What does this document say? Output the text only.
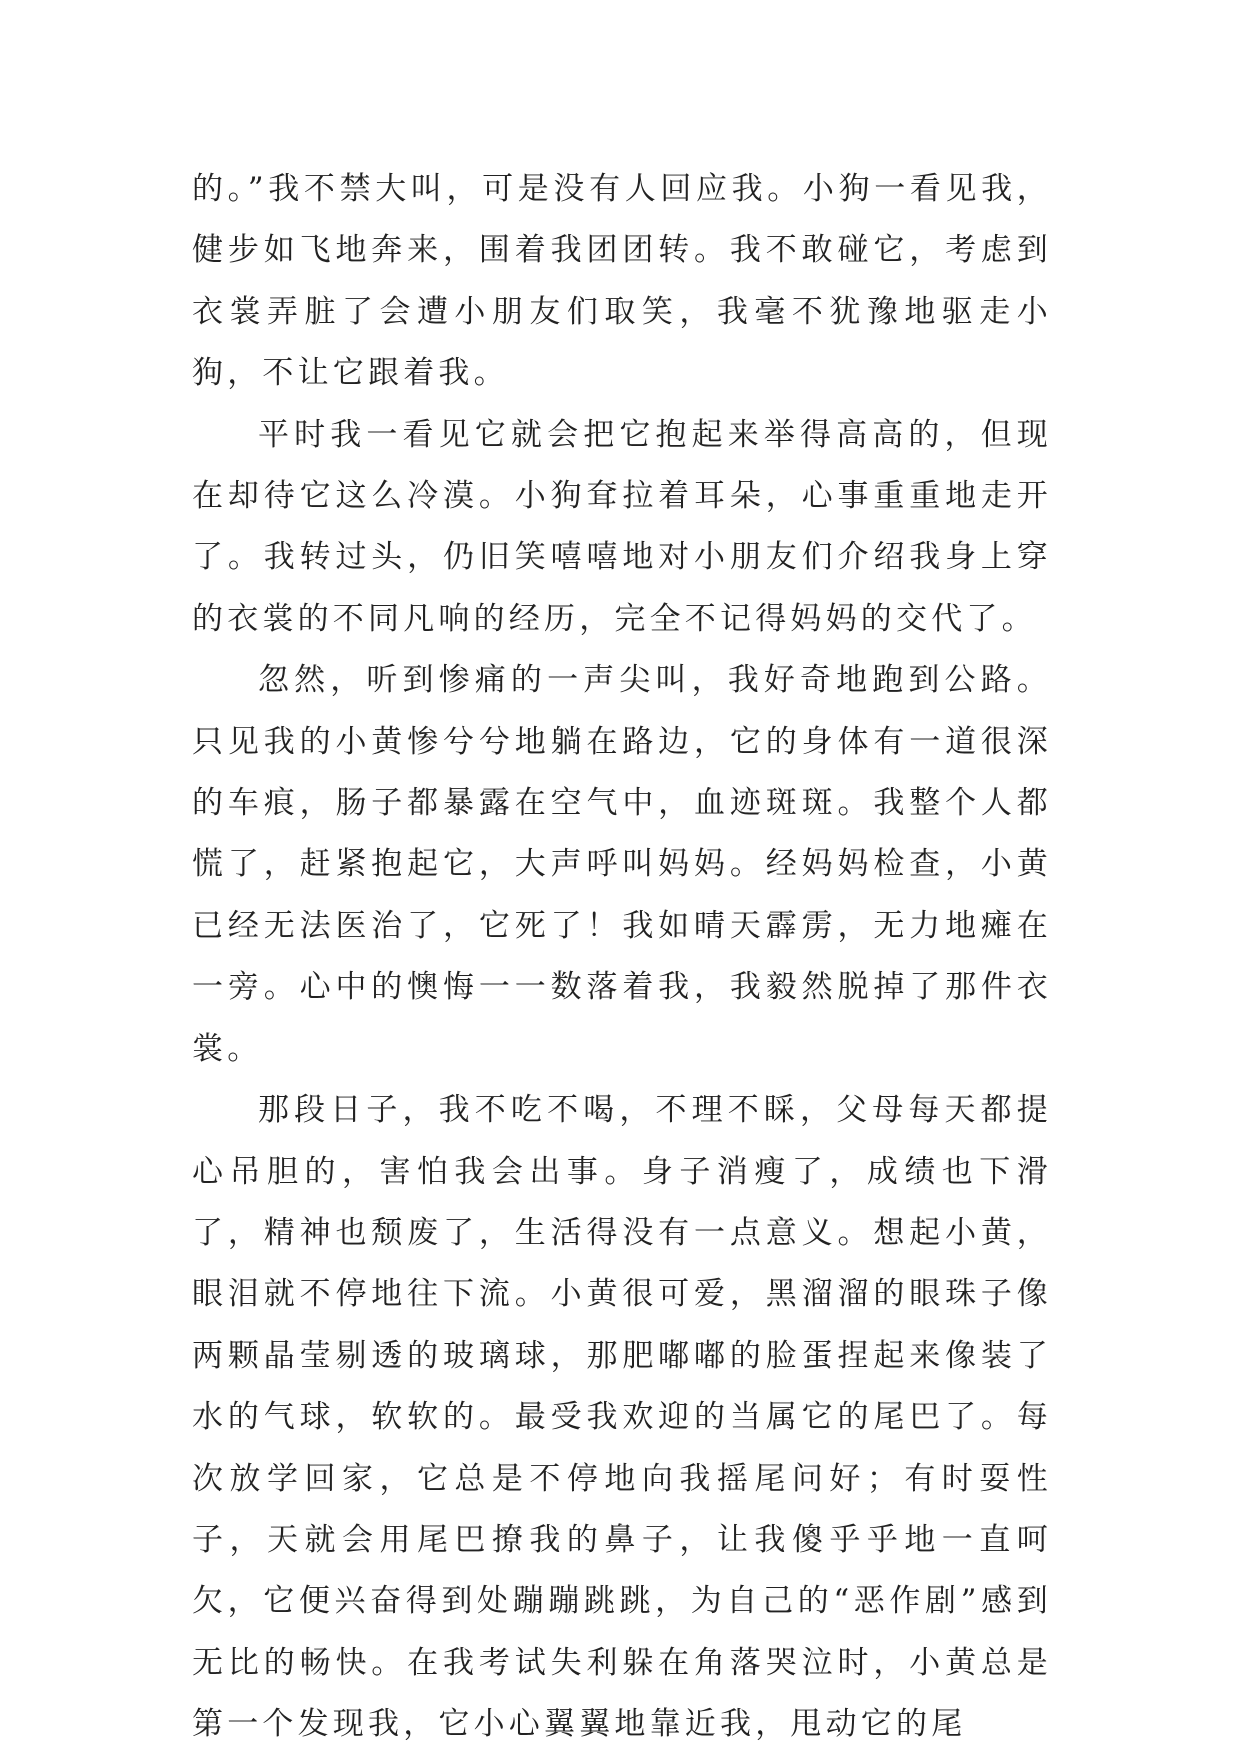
的。”我不禁大叫，可是没有人回应我。小狗一看见我，健步如飞地奔来，围着我团团转。我不敢碰它，考虑到衣裳弄脏了会遭小朋友们取笑，我毫不犹豫地驱走小狗，不让它跟着我。

平时我一看见它就会把它抱起来举得高高的，但现在却待它这么冷漠。小狗耷拉着耳朵，心事重重地走开了。我转过头，仍旧笑嘻嘻地对小朋友们介绍我身上穿的衣裳的不同凡响的经历，完全不记得妈妈的交代了。

忽然，听到惨痛的一声尖叫，我好奇地跑到公路。只见我的小黄惨兮兮地躺在路边，它的身体有一道很深的车痕，肠子都暴露在空气中，血迹斑斑。我整个人都慌了，赶紧抱起它，大声呼叫妈妈。经妈妈检查，小黄已经无法医治了，它死了！我如晴天霹雳，无力地瘫在一旁。心中的懊悔一一数落着我，我毅然脱掉了那件衣裳。

那段日子，我不吃不喝，不理不睬，父母每天都提心吊胆的，害怕我会出事。身子消瘦了，成绩也下滑了，精神也颓废了，生活得没有一点意义。想起小黄，眼泪就不停地往下流。小黄很可爱，黑溜溜的眼珠子像两颗晶莹剔透的玻璃球，那肥嘟嘟的脸蛋捏起来像装了水的气球，软软的。最受我欢迎的当属它的尾巴了。每次放学回家，它总是不停地向我摇尾问好；有时耍性子，天就会用尾巴撩我的鼻子，让我傻乎乎地一直呵欠，它便兴奋得到处蹦蹦跳跳，为自己的“恶作剧”感到无比的畅快。在我考试失利躲在角落哭泣时，小黄总是第一个发现我，它小心翼翼地靠近我，甩动它的尾
